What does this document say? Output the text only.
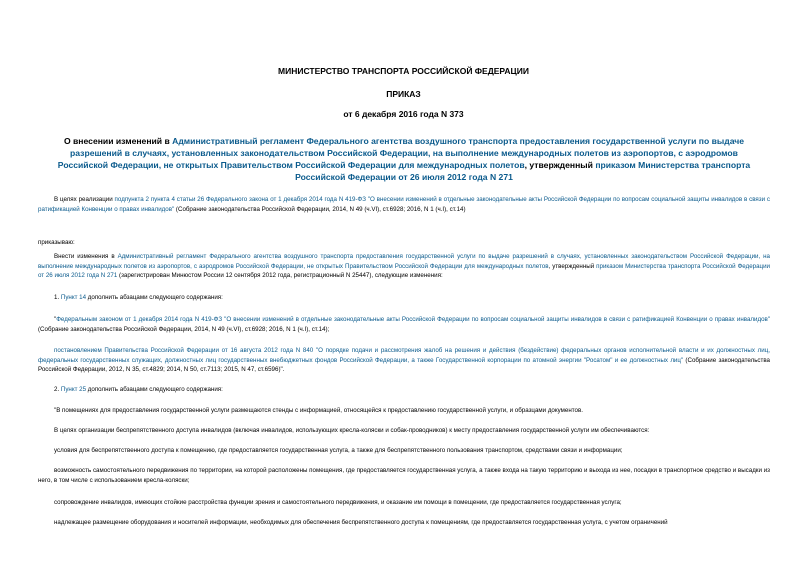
МИНИСТЕРСТВО ТРАНСПОРТА РОССИЙСКОЙ ФЕДЕРАЦИИ
ПРИКАЗ
от 6 декабря 2016 года N 373
О внесении изменений в Административный регламент Федерального агентства воздушного транспорта предоставления государственной услуги по выдаче разрешений в случаях, установленных законодательством Российской Федерации, на выполнение международных полетов из аэропортов, с аэродромов Российской Федерации, не открытых Правительством Российской Федерации для международных полетов, утвержденный приказом Министерства транспорта Российской Федерации от 26 июля 2012 года N 271
В целях реализации подпункта 2 пункта 4 статьи 26 Федерального закона от 1 декабря 2014 года N 419-ФЗ "О внесении изменений в отдельные законодательные акты Российской Федерации по вопросам социальной защиты инвалидов в связи с ратификацией Конвенции о правах инвалидов" (Собрание законодательства Российской Федерации, 2014, N 49 (ч.VI), ст.6928; 2016, N 1 (ч.I), ст.14)
приказываю:
Внести изменения в Административный регламент Федерального агентства воздушного транспорта предоставления государственной услуги по выдаче разрешений в случаях, установленных законодательством Российской Федерации, на выполнение международных полетов из аэропортов, с аэродромов Российской Федерации, не открытых Правительством Российской Федерации для международных полетов, утвержденный приказом Министерства транспорта Российской Федерации от 26 июля 2012 года N 271 (зарегистрирован Минюстом России 12 сентября 2012 года, регистрационный N 25447), следующие изменения:
1. Пункт 14 дополнить абзацами следующего содержания:
"Федеральным законом от 1 декабря 2014 года N 419-ФЗ "О внесении изменений в отдельные законодательные акты Российской Федерации по вопросам социальной защиты инвалидов в связи с ратификацией Конвенции о правах инвалидов" (Собрание законодательства Российской Федерации, 2014, N 49 (ч.VI), ст.6928; 2016, N 1 (ч.I), ст.14);
постановлением Правительства Российской Федерации от 16 августа 2012 года N 840 "О порядке подачи и рассмотрения жалоб на решения и действия (бездействие) федеральных органов исполнительной власти и их должностных лиц, федеральных государственных служащих, должностных лиц государственных внебюджетных фондов Российской Федерации, а также Государственной корпорации по атомной энергии "Росатом" и ее должностных лиц" (Собрание законодательства Российской Федерации, 2012, N 35, ст.4829; 2014, N 50, ст.7113; 2015, N 47, ст.6596)".
2. Пункт 25 дополнить абзацами следующего содержания:
"В помещениях для предоставления государственной услуги размещаются стенды с информацией, относящейся к предоставлению государственной услуги, и образцами документов.
В целях организации беспрепятственного доступа инвалидов (включая инвалидов, использующих кресла-коляски и собак-проводников) к месту предоставления государственной услуги им обеспечиваются:
условия для беспрепятственного доступа к помещению, где предоставляется государственная услуга, а также для беспрепятственного пользования транспортом, средствами связи и информации;
возможность самостоятельного передвижения по территории, на которой расположены помещения, где предоставляется государственная услуга, а также входа на такую территорию и выхода из нее, посадки в транспортное средство и высадки из него, в том числе с использованием кресла-коляски;
сопровождение инвалидов, имеющих стойкие расстройства функции зрения и самостоятельного передвижения, и оказание им помощи в помещении, где предоставляется государственная услуга;
надлежащее размещение оборудования и носителей информации, необходимых для обеспечения беспрепятственного доступа к помещениям, где предоставляется государственная услуга, с учетом ограничений
